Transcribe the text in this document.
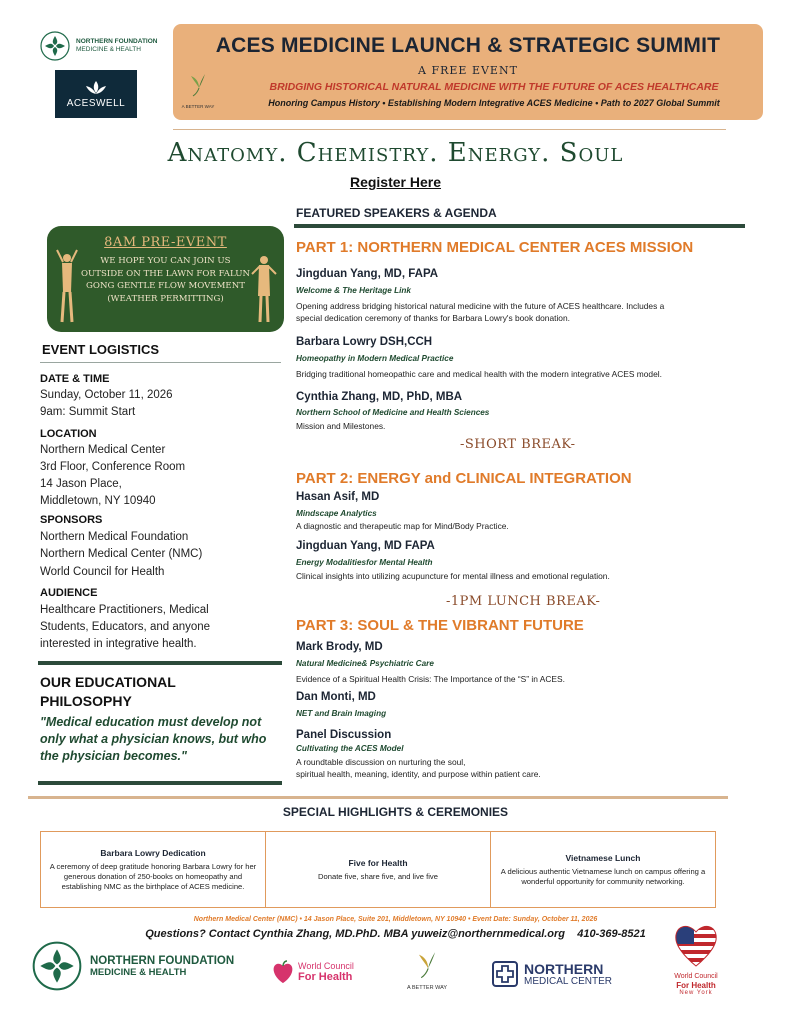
NORTHERN FOUNDATION
MEDICINE & HEALTH
ACESWELL
ACES MEDICINE LAUNCH & STRATEGIC SUMMIT
A FREE EVENT
A BETTER WAY
BRIDGING HISTORICAL NATURAL MEDICINE WITH THE FUTURE OF ACES HEALTHCARE
Honoring Campus History • Establishing Modern Integrative ACES Medicine • Path to 2027 Global Summit
Anatomy. Chemistry. Energy. Soul
Register Here
8AM PRE-EVENT
WE HOPE YOU CAN JOIN US OUTSIDE ON THE LAWN FOR FALUN GONG GENTLE FLOW MOVEMENT (WEATHER PERMITTING)
EVENT LOGISTICS
DATE & TIME
Sunday, October 11, 2026
9am: Summit Start
LOCATION
Northern Medical Center
3rd Floor, Conference Room
14 Jason Place,
Middletown, NY 10940
SPONSORS
Northern Medical Foundation
Northern Medical Center (NMC)
World Council for Health
AUDIENCE
Healthcare Practitioners, Medical
Students, Educators, and anyone
interested in integrative health.
OUR EDUCATIONAL
PHILOSOPHY
"Medical education must develop not only what a physician knows, but who the physician becomes."
FEATURED SPEAKERS & AGENDA
PART 1: NORTHERN MEDICAL CENTER ACES MISSION
Jingduan Yang, MD, FAPA
Welcome & The Heritage Link
Opening address bridging historical natural medicine with the future of ACES healthcare. Includes a
special dedication ceremony of thanks for Barbara Lowry's book donation.
Barbara Lowry DSH,CCH
Homeopathy in Modern Medical Practice
Bridging traditional homeopathic care and medical health with the modern integrative ACES model.
Cynthia Zhang, MD, PhD, MBA
Northern School of Medicine and Health Sciences
Mission and Milestones.
-SHORT BREAK-
PART 2: ENERGY and CLINICAL INTEGRATION
Hasan Asif, MD
Mindscape Analytics
A diagnostic and therapeutic map for Mind/Body Practice.
Jingduan Yang, MD FAPA
Energy Modalitiesfor Mental Health
Clinical insights into utilizing acupuncture for mental illness and emotional regulation.
-1PM LUNCH BREAK-
PART 3: SOUL & THE VIBRANT FUTURE
Mark Brody, MD
Natural Medicine& Psychiatric Care
Evidence of a Spiritual Health Crisis: The Importance of the “S” in ACES.
Dan Monti, MD
NET and Brain Imaging
Panel Discussion
Cultivating the ACES Model
A roundtable discussion on nurturing the soul,
spiritual health, meaning, identity, and purpose within patient care.
SPECIAL HIGHLIGHTS & CEREMONIES
Barbara Lowry Dedication
A ceremony of deep gratitude honoring Barbara Lowry for her generous donation of 250-books on homeopathy and establishing NMC as the birthplace of ACES medicine.
Five for Health
Donate five, share five, and live five
Vietnamese Lunch
A delicious authentic Vietnamese lunch on campus offering a wonderful opportunity for community networking.
Northern Medical Center (NMC) • 14 Jason Place, Suite 201, Middletown, NY 10940 • Event Date: Sunday, October 11, 2026
Questions? Contact Cynthia Zhang, MD.PhD. MBA yuweiz@northernmedical.org    410-369-8521
NORTHERN FOUNDATION
MEDICINE & HEALTH
World Council
For Health
A BETTER WAY
NORTHERN
MEDICAL CENTER	World Council
For Health
New York
